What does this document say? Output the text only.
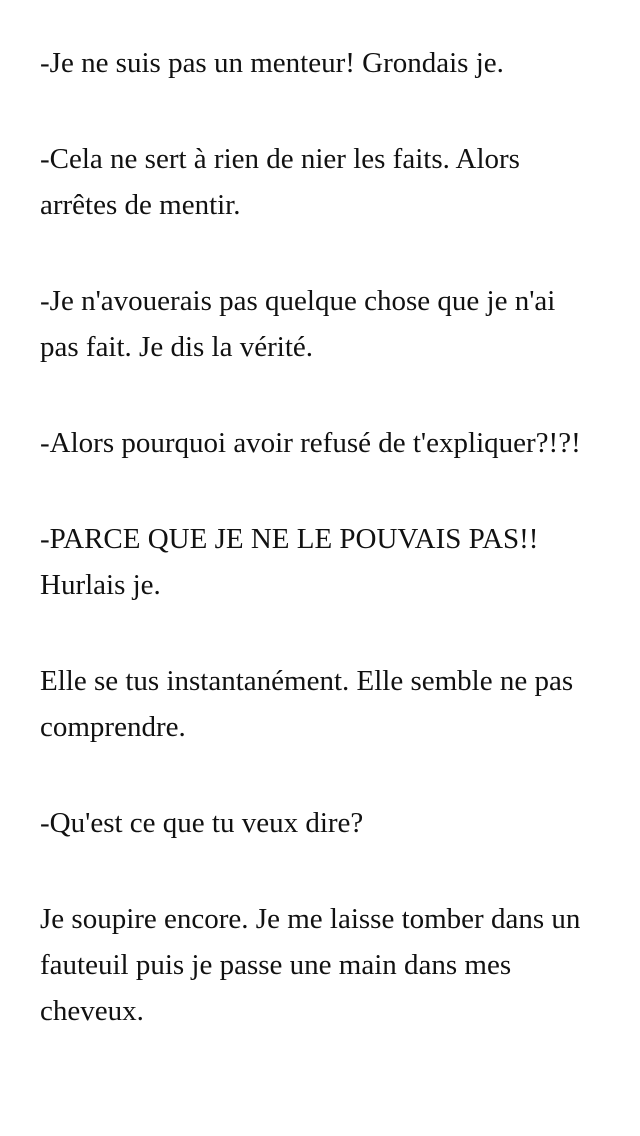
-Je ne suis pas un menteur! Grondais je.

-Cela ne sert à rien de nier les faits. Alors arrêtes de mentir.

-Je n'avouerais pas quelque chose que je n'ai pas fait. Je dis la vérité.

-Alors pourquoi avoir refusé de t'expliquer?!?!

-PARCE QUE JE NE LE POUVAIS PAS!! Hurlais je.

Elle se tus instantanément. Elle semble ne pas comprendre.

-Qu'est ce que tu veux dire?

Je soupire encore. Je me laisse tomber dans un fauteuil puis je passe une main dans mes cheveux.
